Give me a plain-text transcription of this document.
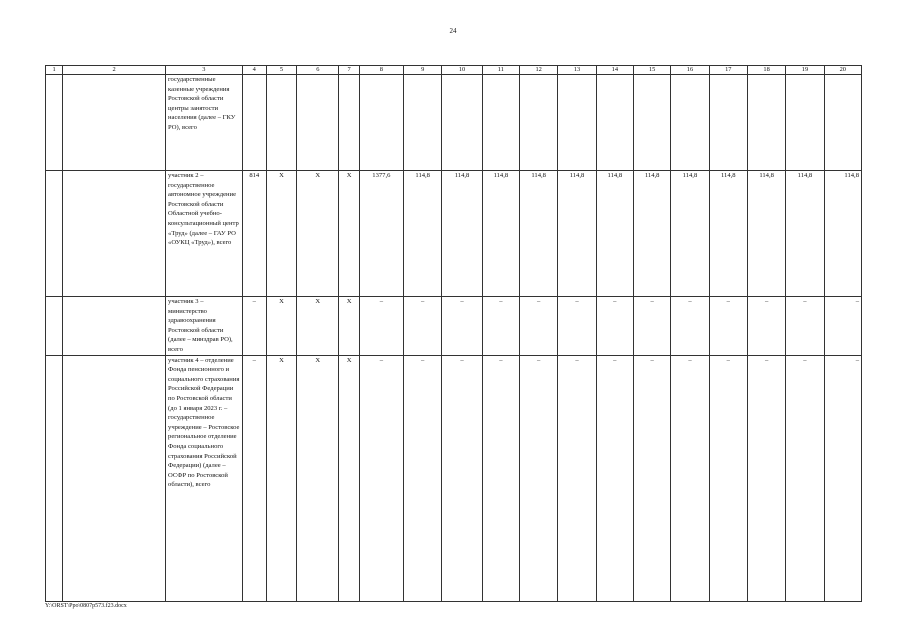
24
1	2	3	4	5	6	7	8	9	10	11	12	13	14	15	16	17	18	19	20
		государственные казенные учреждения Ростовской области центры занятости населения (далее – ГКУ РО), всего																	
		участник 2 – государственное автономное учреждение Ростовской области Областной учебно-консультационный центр «Труд» (далее – ГАУ РО «ОУКЦ «Труд»), всего	814	Х	Х	Х	1377,6	114,8	114,8	114,8	114,8	114,8	114,8	114,8	114,8	114,8	114,8	114,8	114,8
		участник 3 – министерство здравоохранения Ростовской области (далее – минздрав РО), всего	–	Х	Х	Х	–	–	–	–	–	–	–	–	–	–	–	–	–
		участник 4 – отделение Фонда пенсионного и социального страхования Российской Федерации по Ростовской области (до 1 января 2023 г. – государственное учреждение – Ростовское региональное отделение Фонда социального страхования Российской Федерации) (далее – ОСФР по Ростовской области), всего	–	Х	Х	Х	–	–	–	–	–	–	–	–	–	–	–	–	–
Y:\ORST\Ppo\0807p573.f23.docx
